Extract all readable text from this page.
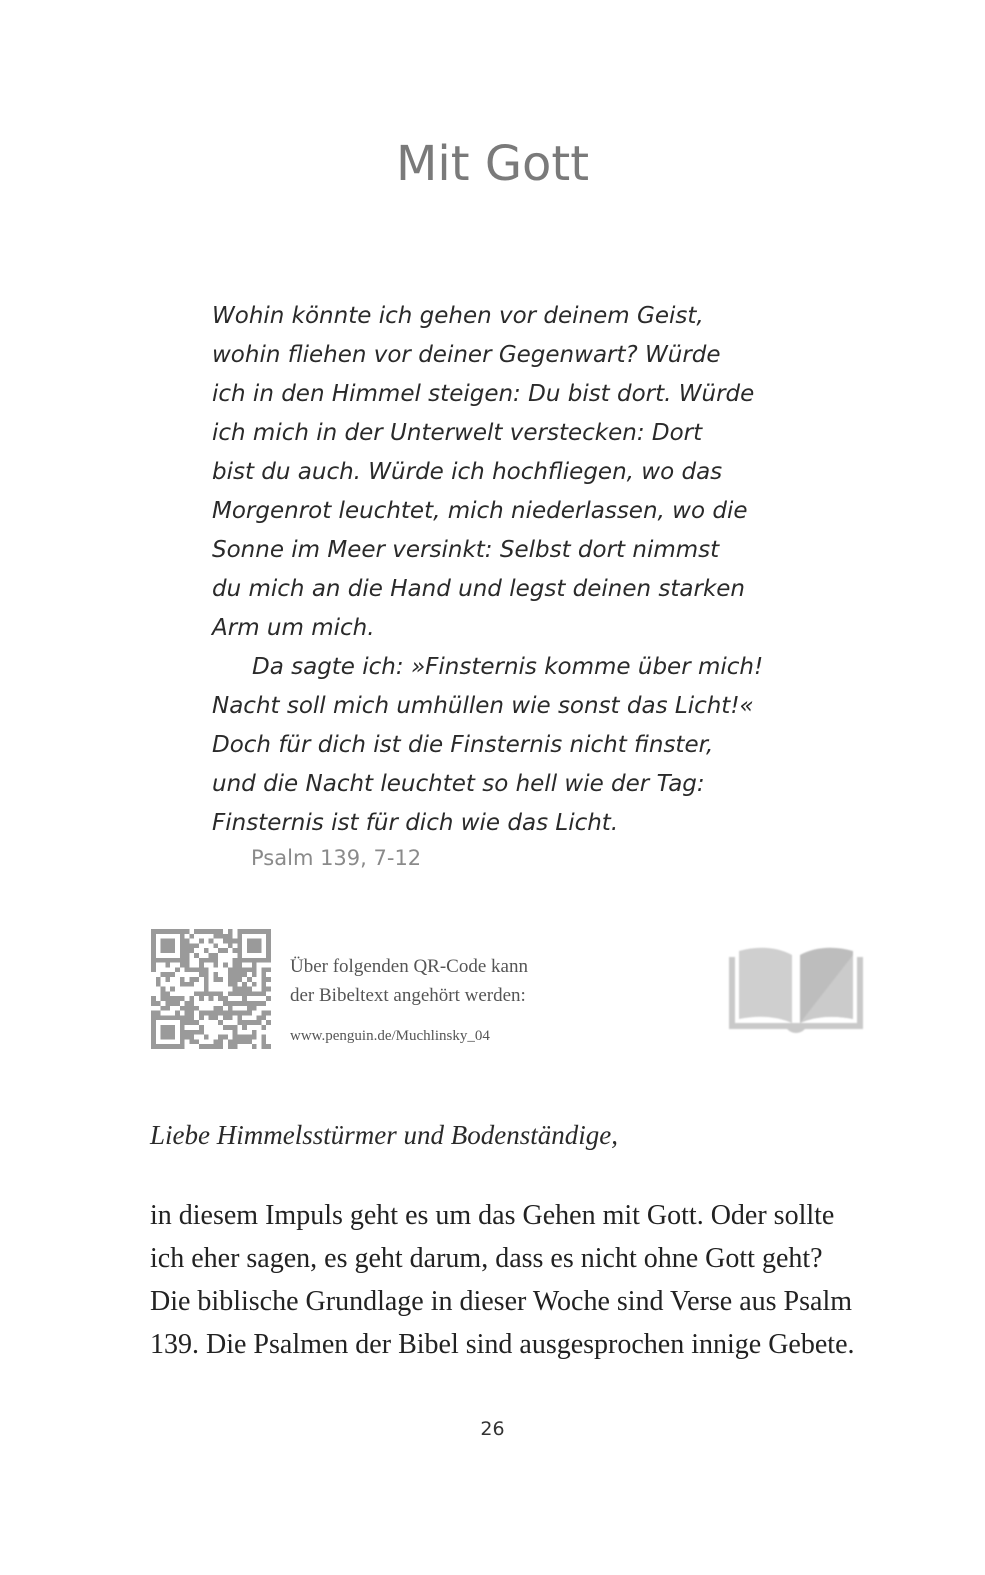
Mit Gott
Wohin könnte ich gehen vor deinem Geist,
wohin fliehen vor deiner Gegenwart? Würde
ich in den Himmel steigen: Du bist dort. Würde
ich mich in der Unterwelt verstecken: Dort
bist du auch. Würde ich hochfliegen, wo das
Morgenrot leuchtet, mich niederlassen, wo die
Sonne im Meer versinkt: Selbst dort nimmst
du mich an die Hand und legst deinen starken
Arm um mich.
Da sagte ich: »Finsternis komme über mich!
Nacht soll mich umhüllen wie sonst das Licht!«
Doch für dich ist die Finsternis nicht finster,
und die Nacht leuchtet so hell wie der Tag:
Finsternis ist für dich wie das Licht.
Psalm 139, 7-12
Über folgenden QR-Code kann
der Bibeltext angehört werden:
www.penguin.de/Muchlinsky_04
Liebe Himmelsstürmer und Bodenständige,
in diesem Impuls geht es um das Gehen mit Gott. Oder sollte
ich eher sagen, es geht darum, dass es nicht ohne Gott geht?
Die biblische Grundlage in dieser Woche sind Verse aus Psalm
139. Die Psalmen der Bibel sind ausgesprochen innige Gebete.
26
